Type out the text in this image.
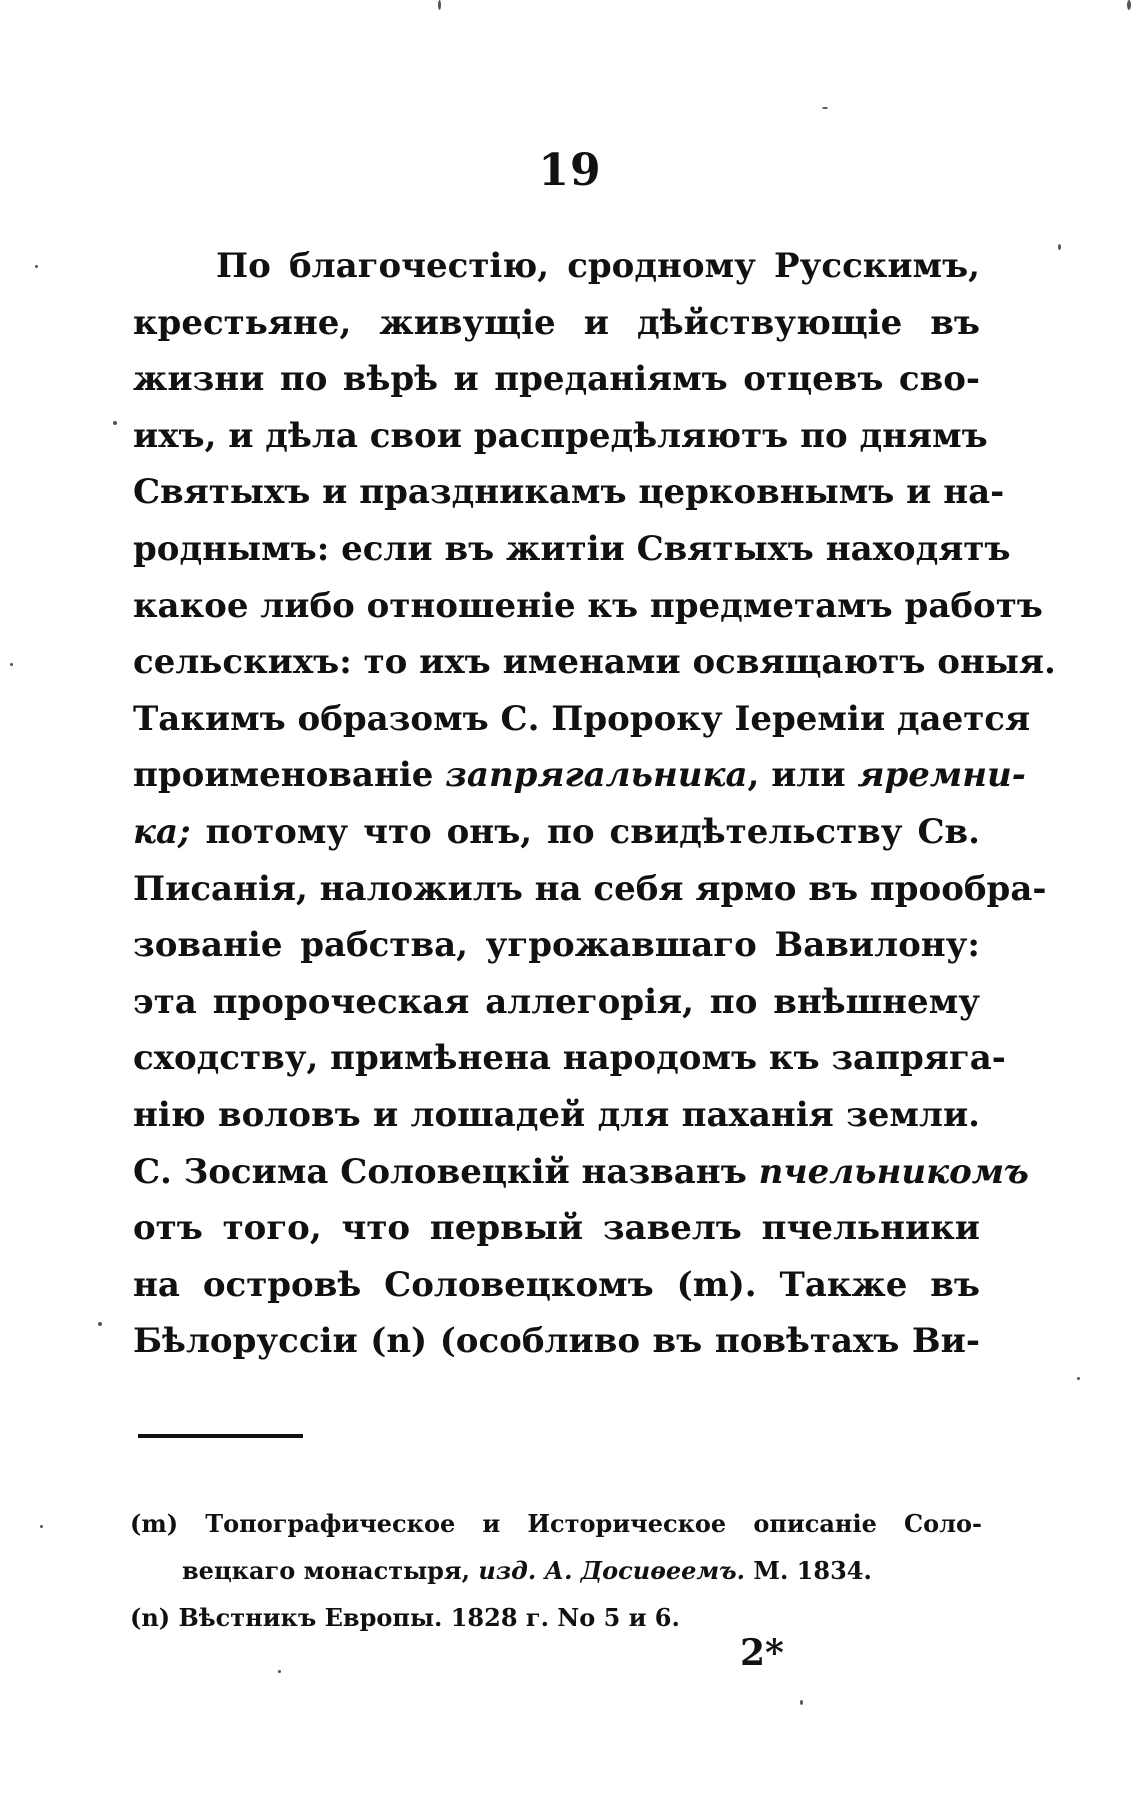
19
По благочестію, сродному Русскимъ,
крестьяне, живущіе и дѣйствующіе въ
жизни по вѣрѣ и преданіямъ отцевъ сво-
ихъ, и дѣла свои распредѣляютъ по днямъ
Святыхъ и праздникамъ церковнымъ и на-
роднымъ: если въ житіи Святыхъ находятъ
какое либо отношеніе къ предметамъ работъ
сельскихъ: то ихъ именами освящаютъ оныя.
Такимъ образомъ С. Пророку Іереміи дается
проименованіе запрягальника, или яремни-
ка; потому что онъ, по свидѣтельству Св.
Писанія, наложилъ на себя ярмо въ прообра-
зованіе рабства, угрожавшаго Вавилону:
эта пророческая аллегорія, по внѣшнему
сходству, примѣнена народомъ къ запряга-
нію воловъ и лошадей для паханія земли.
С. Зосима Соловецкій названъ пчельникомъ
отъ того, что первый завелъ пчельники
на островѣ Соловецкомъ (m). Также въ
Бѣлоруссіи (n) (особливо въ повѣтахъ Ви-
(m) Топографическое и Историческое описаніе Соло-
вецкаго монастыря, изд. А. Досиѳеемъ. М. 1834.
(n) Вѣстникъ Европы. 1828 г. No 5 и 6.
2*
